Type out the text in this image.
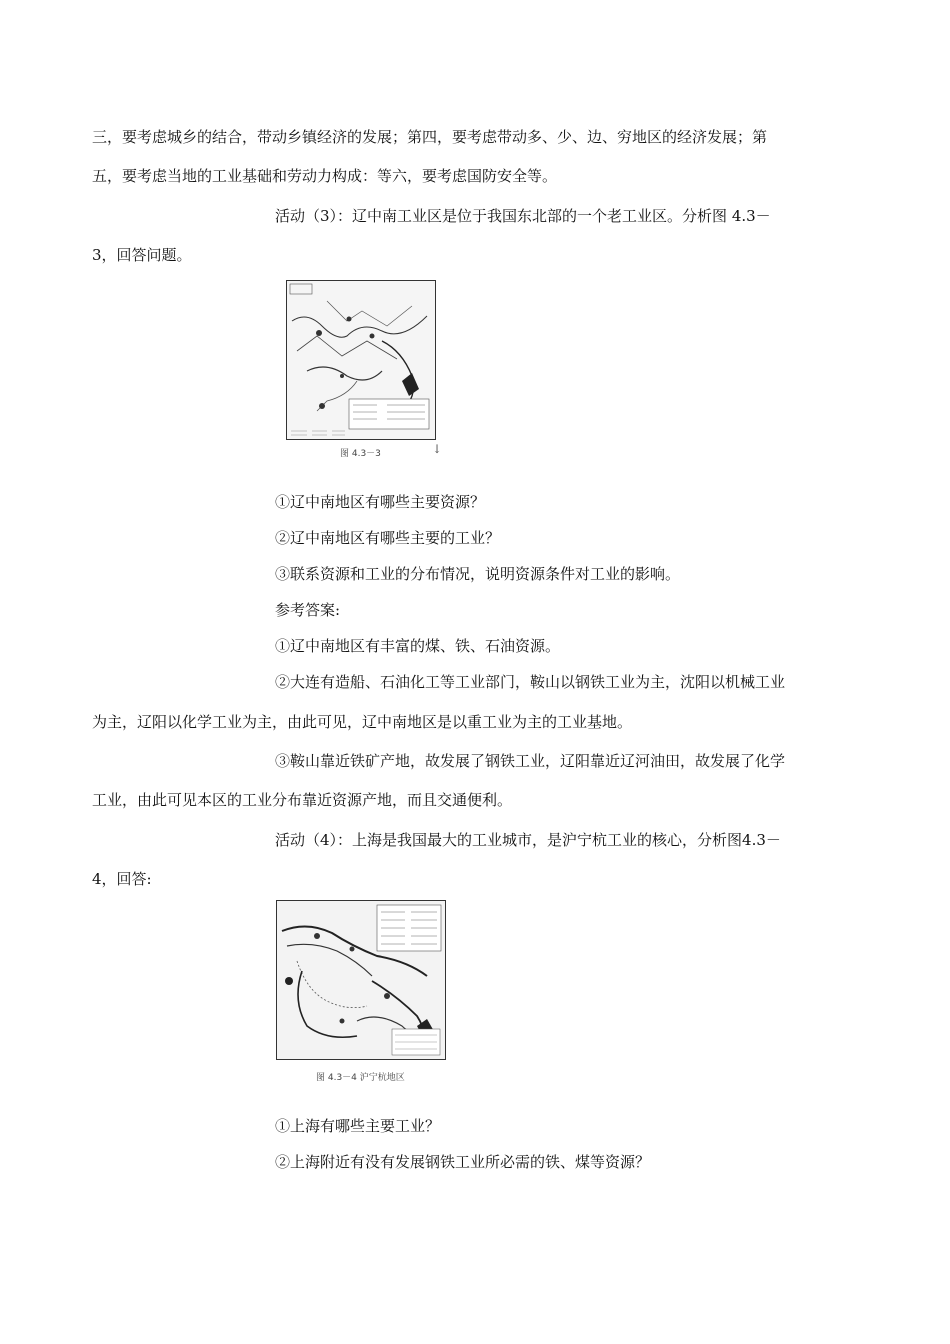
三，要考虑城乡的结合，带动乡镇经济的发展；第四，要考虑带动多、少、边、穷地区的经济发展；第
五，要考虑当地的工业基础和劳动力构成：等六，要考虑国防安全等。
活动（3）：辽中南工业区是位于我国东北部的一个老工业区。分析图 4.3－
3，回答问题。
图 4.3－3	↓
①辽中南地区有哪些主要资源？
②辽中南地区有哪些主要的工业？
③联系资源和工业的分布情况，说明资源条件对工业的影响。
参考答案:
①辽中南地区有丰富的煤、铁、石油资源。
②大连有造船、石油化工等工业部门，鞍山以钢铁工业为主，沈阳以机械工业
为主，辽阳以化学工业为主，由此可见，辽中南地区是以重工业为主的工业基地。
③鞍山靠近铁矿产地，故发展了钢铁工业，辽阳靠近辽河油田，故发展了化学
工业，由此可见本区的工业分布靠近资源产地，而且交通便利。
活动（4）：上海是我国最大的工业城市，是沪宁杭工业的核心，分析图4.3－
4，回答:
图 4.3－4 沪宁杭地区
①上海有哪些主要工业？
②上海附近有没有发展钢铁工业所必需的铁、煤等资源？
